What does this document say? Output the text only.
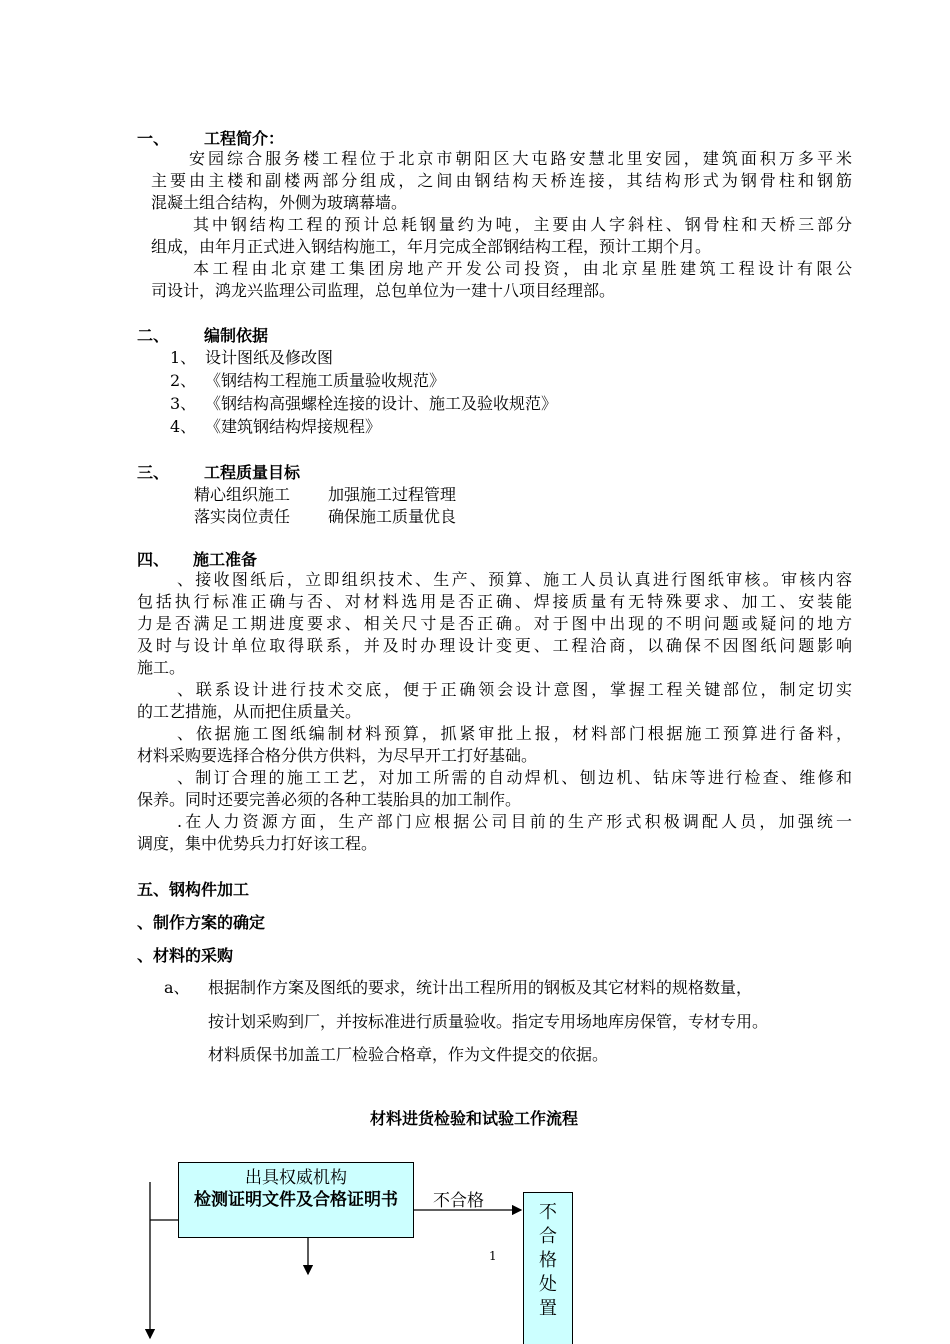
一、 工程简介：
安园综合服务楼工程位于北京市朝阳区大屯路安慧北里安园，建筑面积万多平米
主要由主楼和副楼两部分组成，之间由钢结构天桥连接，其结构形式为钢骨柱和钢筋
混凝土组合结构，外侧为玻璃幕墙。
其中钢结构工程的预计总耗钢量约为吨，主要由人字斜柱、钢骨柱和天桥三部分
组成，由年月正式进入钢结构施工，年月完成全部钢结构工程，预计工期个月。
本工程由北京建工集团房地产开发公司投资，由北京星胜建筑工程设计有限公
司设计，鸿龙兴监理公司监理，总包单位为一建十八项目经理部。
二、 编制依据
1、 设计图纸及修改图
2、 《钢结构工程施工质量验收规范》
3、 《钢结构高强螺栓连接的设计、施工及验收规范》
4、 《建筑钢结构焊接规程》
三、 工程质量目标
精心组织施工 加强施工过程管理
落实岗位责任 确保施工质量优良
四、 施工准备
、接收图纸后，立即组织技术、生产、预算、施工人员认真进行图纸审核。审核内容
包括执行标准正确与否、对材料选用是否正确、焊接质量有无特殊要求、加工、安装能
力是否满足工期进度要求、相关尺寸是否正确。对于图中出现的不明问题或疑问的地方
及时与设计单位取得联系，并及时办理设计变更、工程洽商，以确保不因图纸问题影响
施工。
、联系设计进行技术交底，便于正确领会设计意图，掌握工程关键部位，制定切实
的工艺措施，从而把住质量关。
、依据施工图纸编制材料预算，抓紧审批上报，材料部门根据施工预算进行备料，
材料采购要选择合格分供方供料，为尽早开工打好基础。
、制订合理的施工工艺，对加工所需的自动焊机、刨边机、钻床等进行检查、维修和
保养。同时还要完善必须的各种工装胎具的加工制作。
.在人力资源方面，生产部门应根据公司目前的生产形式积极调配人员，加强统一
调度，集中优势兵力打好该工程。
五、钢构件加工
、制作方案的确定
、材料的采购
a、 根据制作方案及图纸的要求，统计出工程所用的钢板及其它材料的规格数量，
按计划采购到厂，并按标准进行质量验收。指定专用场地库房保管，专材专用。
材料质保书加盖工厂检验合格章，作为文件提交的依据。
材料进货检验和试验工作流程
出具权威机构
检测证明文件及合格证明书	不合格
不
合
格
处
置
1
